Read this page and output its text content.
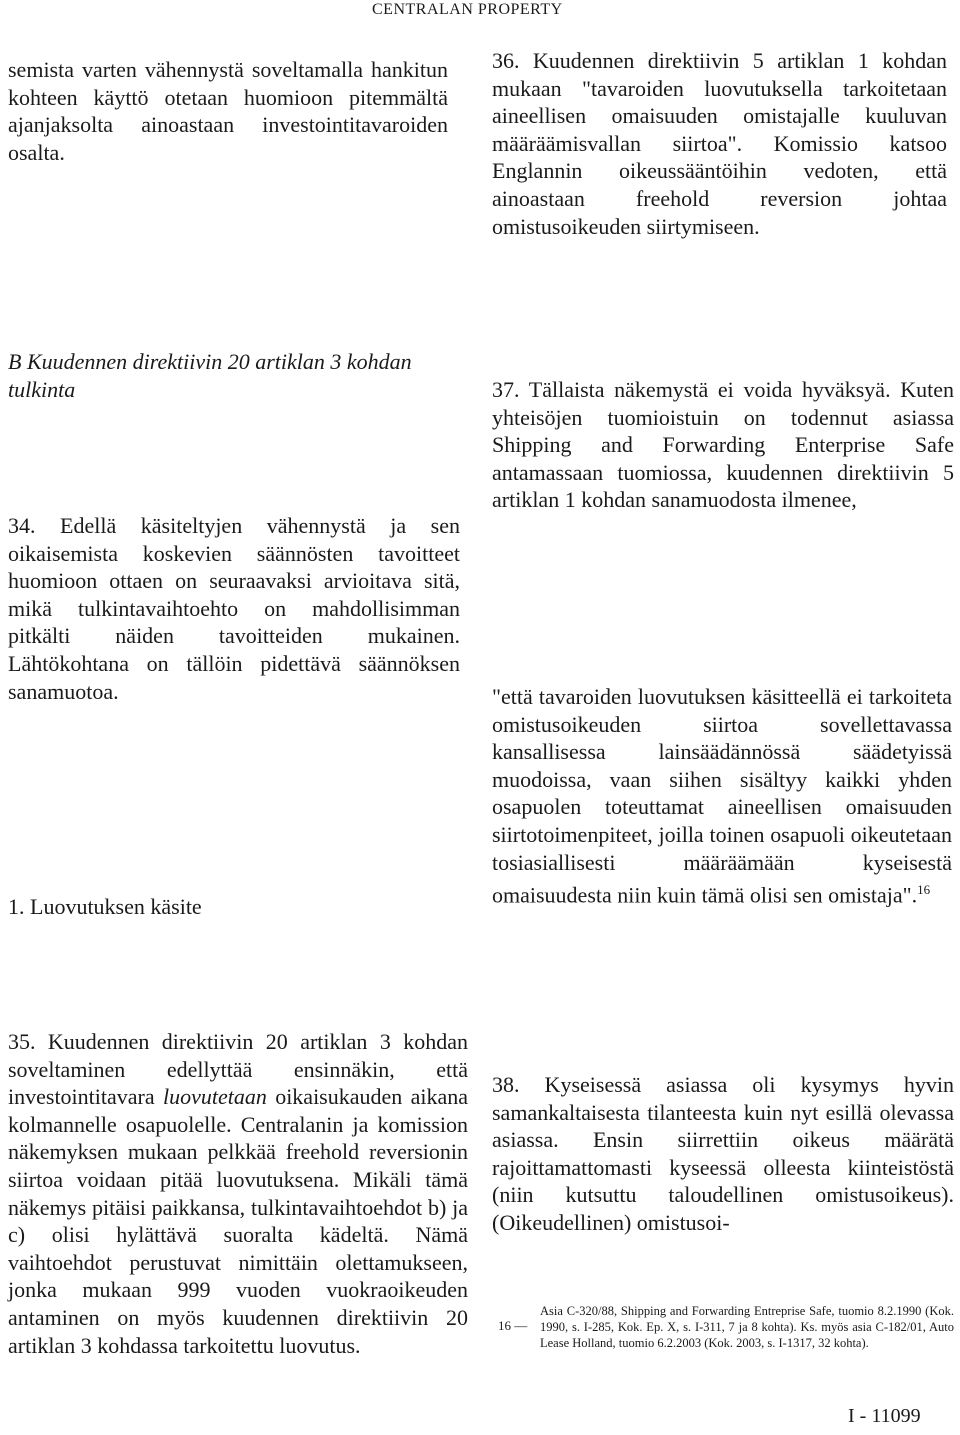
CENTRALAN PROPERTY

semista varten vähennystä soveltamalla hankitun kohteen käyttö otetaan huomioon pitemmältä ajanjaksolta ainoastaan investointitavaroiden osalta.

B Kuudennen direktiivin 20 artiklan 3 kohdan tulkinta

34. Edellä käsiteltyjen vähennystä ja sen oikaisemista koskevien säännösten tavoitteet huomioon ottaen on seuraavaksi arvioitava sitä, mikä tulkintavaihtoehto on mahdollisimman pitkälti näiden tavoitteiden mukainen. Lähtökohtana on tällöin pidettävä säännöksen sanamuotoa.

1. Luovutuksen käsite

35. Kuudennen direktiivin 20 artiklan 3 kohdan soveltaminen edellyttää ensinnäkin, että investointitavara luovutetaan oikaisukauden aikana kolmannelle osapuolelle. Centralanin ja komission näkemyksen mukaan pelkkää freehold reversionin siirtoa voidaan pitää luovutuksena. Mikäli tämä näkemys pitäisi paikkansa, tulkintavaihtoehdot b) ja c) olisi hylättävä suoralta kädeltä. Nämä vaihtoehdot perustuvat nimittäin olettamukseen, jonka mukaan 999 vuoden vuokraoikeuden antaminen on myös kuudennen direktiivin 20 artiklan 3 kohdassa tarkoitettu luovutus.

36. Kuudennen direktiivin 5 artiklan 1 kohdan mukaan "tavaroiden luovutuksella tarkoitetaan aineellisen omaisuuden omistajalle kuuluvan määräämisvallan siirtoa". Komissio katsoo Englannin oikeussääntöihin vedoten, että ainoastaan freehold reversion johtaa omistusoikeuden siirtymiseen.

37. Tällaista näkemystä ei voida hyväksyä. Kuten yhteisöjen tuomioistuin on todennut asiassa Shipping and Forwarding Enterprise Safe antamassaan tuomiossa, kuudennen direktiivin 5 artiklan 1 kohdan sanamuodosta ilmenee,

"että tavaroiden luovutuksen käsitteellä ei tarkoiteta omistusoikeuden siirtoa sovellettavassa kansallisessa lainsäädännössä säädetyissä muodoissa, vaan siihen sisältyy kaikki yhden osapuolen toteuttamat aineellisen omaisuuden siirtotoimenpiteet, joilla toinen osapuoli oikeutetaan tosiasiallisesti määräämään kyseisestä omaisuudesta niin kuin tämä olisi sen omistaja".$^{16}$

38. Kyseisessä asiassa oli kysymys hyvin samankaltaisesta tilanteesta kuin nyt esillä olevassa asiassa. Ensin siirrettiin oikeus määrätä rajoittamattomasti kyseessä olleesta kiinteistöstä (niin kutsuttu taloudellinen omistusoikeus). (Oikeudellinen) omistusoi-

16 —

Asia C-320/88, Shipping and Forwarding Entreprise Safe, tuomio 8.2.1990 (Kok. 1990, s. I-285, Kok. Ep. X, s. I-311, 7 ja 8 kohta). Ks. myös asia C-182/01, Auto Lease Holland, tuomio 6.2.2003 (Kok. 2003, s. I-1317, 32 kohta).

I - 11099
